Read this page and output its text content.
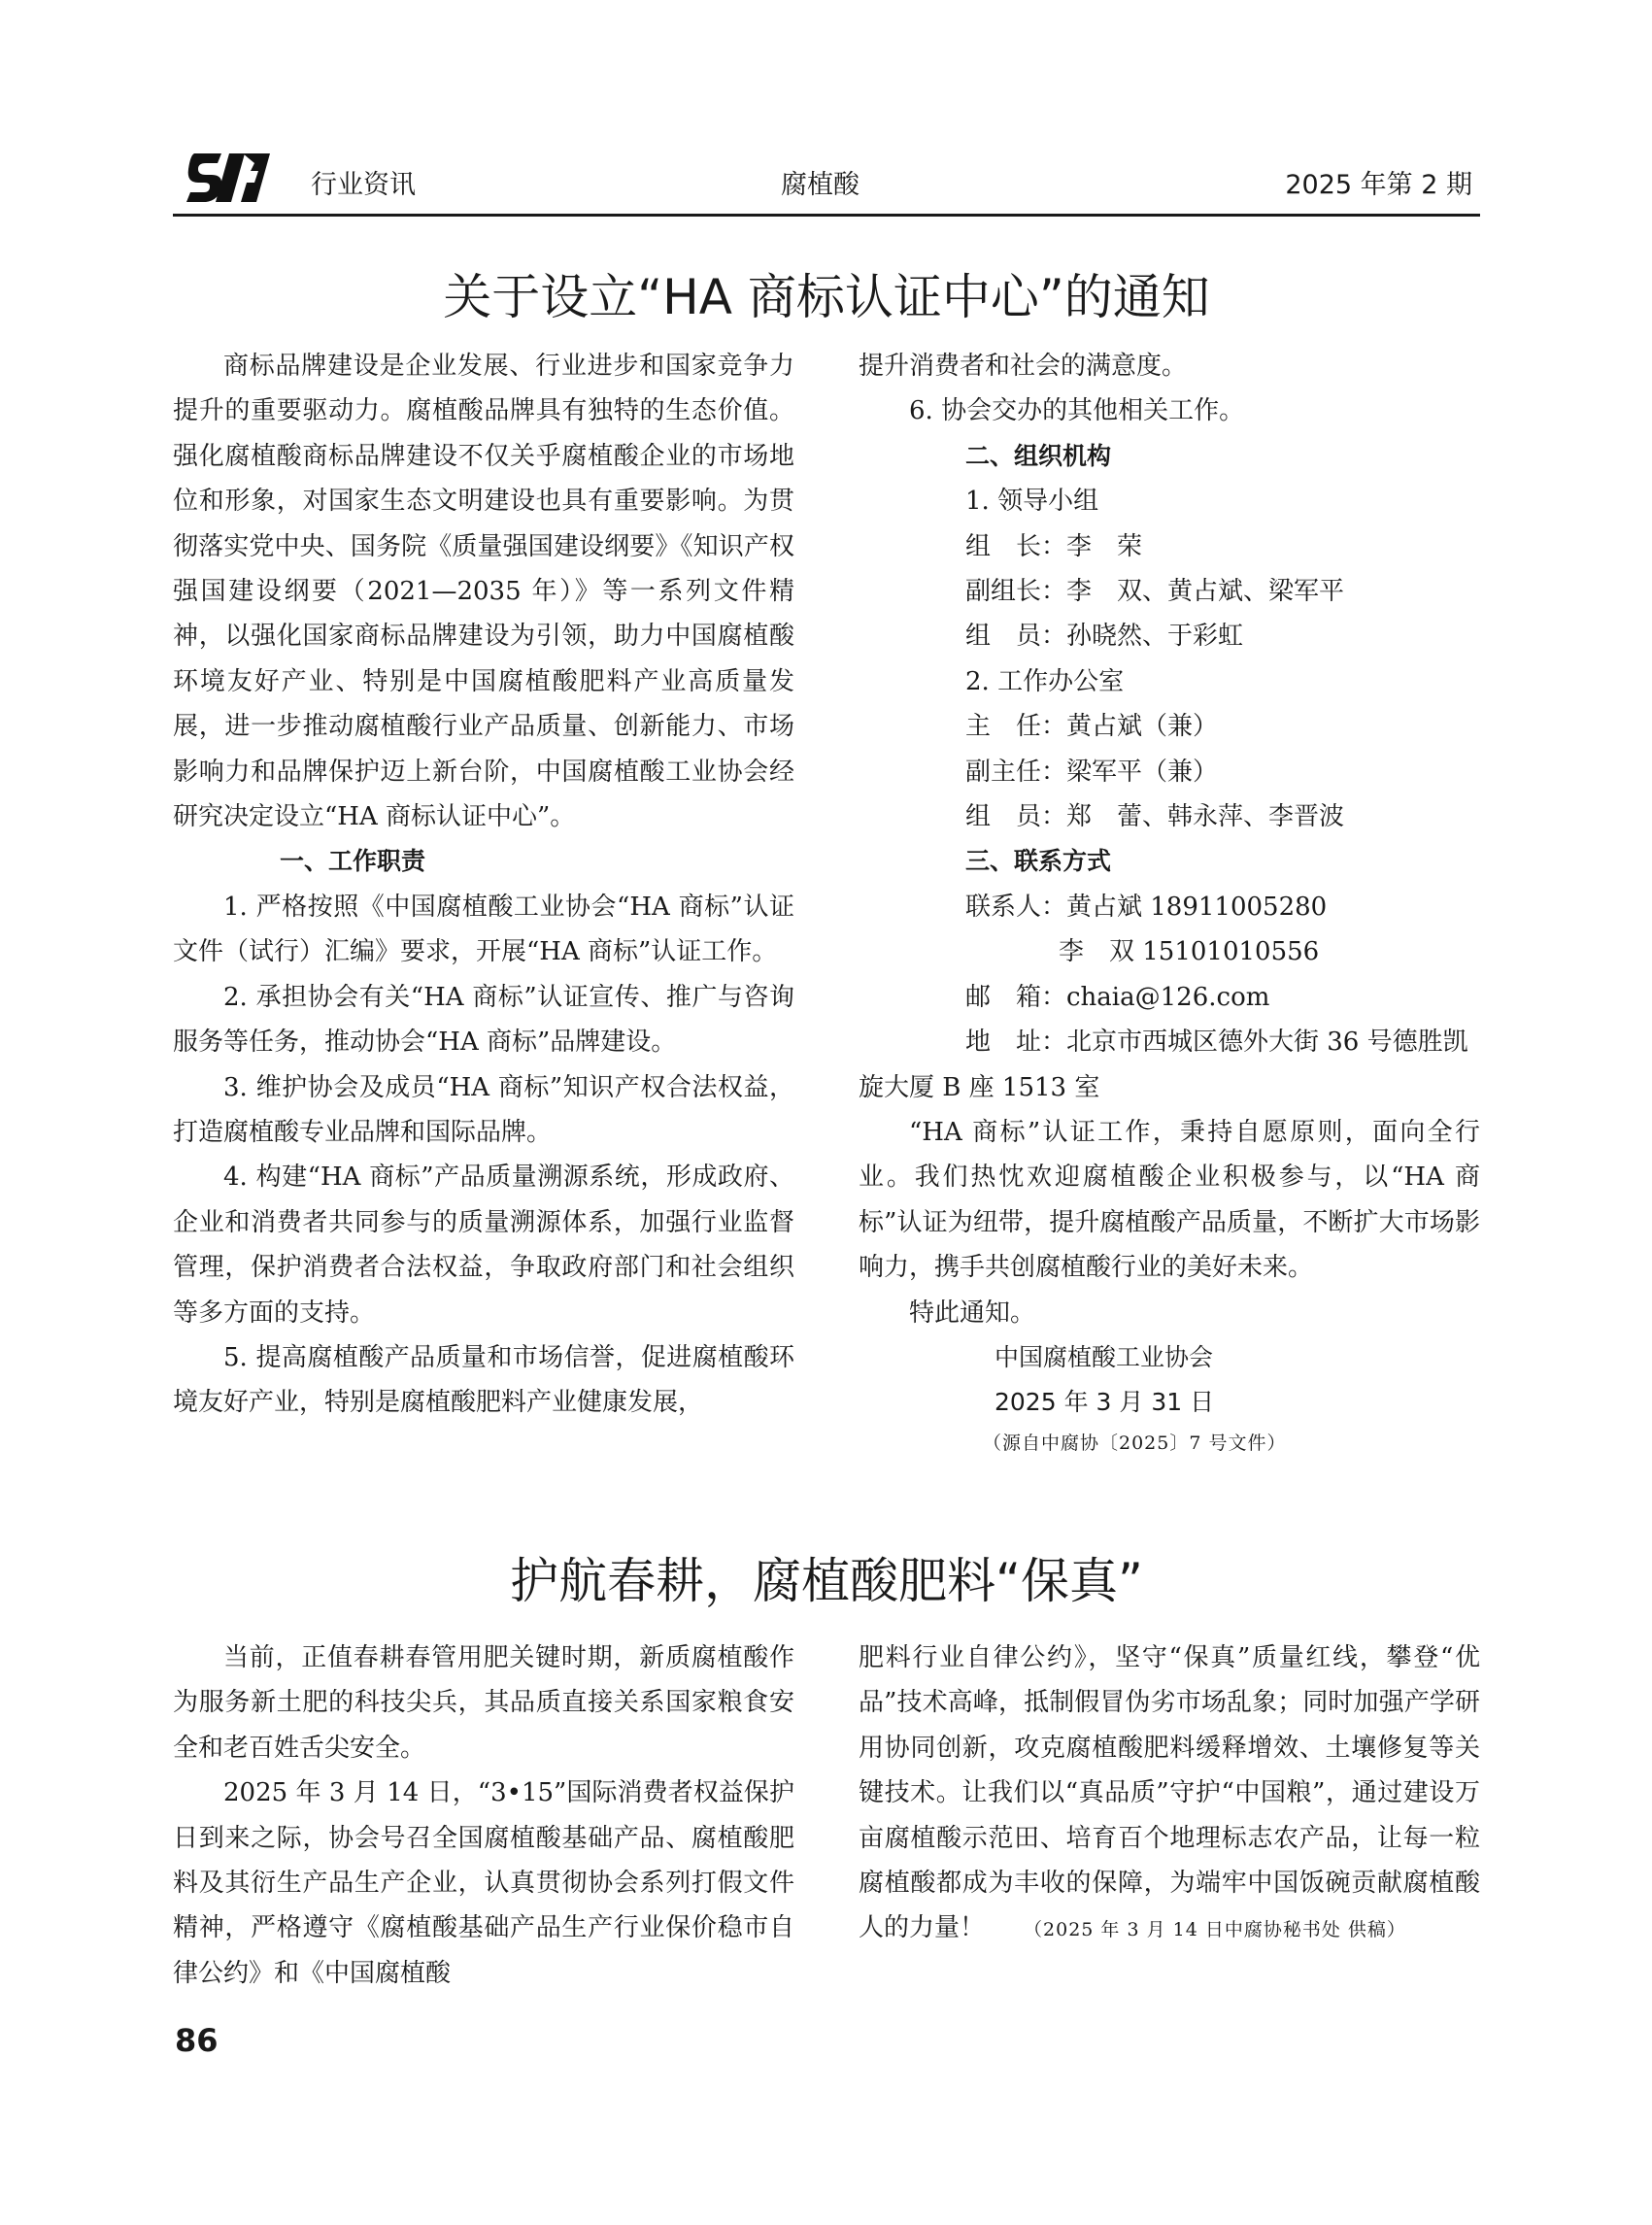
行业资讯	腐植酸	2025 年第 2 期
关于设立“HA 商标认证中心”的通知

商标品牌建设是企业发展、行业进步和国家竞争力提升的重要驱动力。腐植酸品牌具有独特的生态价值。强化腐植酸商标品牌建设不仅关乎腐植酸企业的市场地位和形象，对国家生态文明建设也具有重要影响。为贯彻落实党中央、国务院《质量强国建设纲要》《知识产权强国建设纲要（2021—2035 年）》等一系列文件精神，以强化国家商标品牌建设为引领，助力中国腐植酸环境友好产业、特别是中国腐植酸肥料产业高质量发展，进一步推动腐植酸行业产品质量、创新能力、市场影响力和品牌保护迈上新台阶，中国腐植酸工业协会经研究决定设立“HA 商标认证中心”。

一、工作职责

1. 严格按照《中国腐植酸工业协会“HA 商标”认证文件（试行）汇编》要求，开展“HA 商标”认证工作。

2. 承担协会有关“HA 商标”认证宣传、推广与咨询服务等任务，推动协会“HA 商标”品牌建设。

3. 维护协会及成员“HA 商标”知识产权合法权益，打造腐植酸专业品牌和国际品牌。

4. 构建“HA 商标”产品质量溯源系统，形成政府、企业和消费者共同参与的质量溯源体系，加强行业监督管理，保护消费者合法权益，争取政府部门和社会组织等多方面的支持。

5. 提高腐植酸产品质量和市场信誉，促进腐植酸环境友好产业，特别是腐植酸肥料产业健康发展，

提升消费者和社会的满意度。

6. 协会交办的其他相关工作。

二、组织机构

1. 领导小组

组　长：李　荣

副组长：李　双、黄占斌、梁军平

组　员：孙晓然、于彩虹

2. 工作办公室

主　任：黄占斌（兼）

副主任：梁军平（兼）

组　员：郑　蕾、韩永萍、李晋波

三、联系方式

联系人：黄占斌 18911005280

李　双 15101010556

邮　箱：chaia@126.com

地　址：北京市西城区德外大街 36 号德胜凯

旋大厦 B 座 1513 室

“HA 商标”认证工作，秉持自愿原则，面向全行业。我们热忱欢迎腐植酸企业积极参与，以“HA 商标”认证为纽带，提升腐植酸产品质量，不断扩大市场影响力，携手共创腐植酸行业的美好未来。

特此通知。

中国腐植酸工业协会

2025 年 3 月 31 日

（源自中腐协〔2025〕7 号文件）

护航春耕，腐植酸肥料“保真”

当前，正值春耕春管用肥关键时期，新质腐植酸作为服务新土肥的科技尖兵，其品质直接关系国家粮食安全和老百姓舌尖安全。

2025 年 3 月 14 日，“3•15”国际消费者权益保护日到来之际，协会号召全国腐植酸基础产品、腐植酸肥料及其衍生产品生产企业，认真贯彻协会系列打假文件精神，严格遵守《腐植酸基础产品生产行业保价稳市自律公约》和《中国腐植酸

肥料行业自律公约》，坚守“保真”质量红线，攀登“优品”技术高峰，抵制假冒伪劣市场乱象；同时加强产学研用协同创新，攻克腐植酸肥料缓释增效、土壤修复等关键技术。让我们以“真品质”守护“中国粮”，通过建设万亩腐植酸示范田、培育百个地理标志农产品，让每一粒腐植酸都成为丰收的保障，为端牢中国饭碗贡献腐植酸人的力量！ （2025 年 3 月 14 日中腐协秘书处 供稿）

86
